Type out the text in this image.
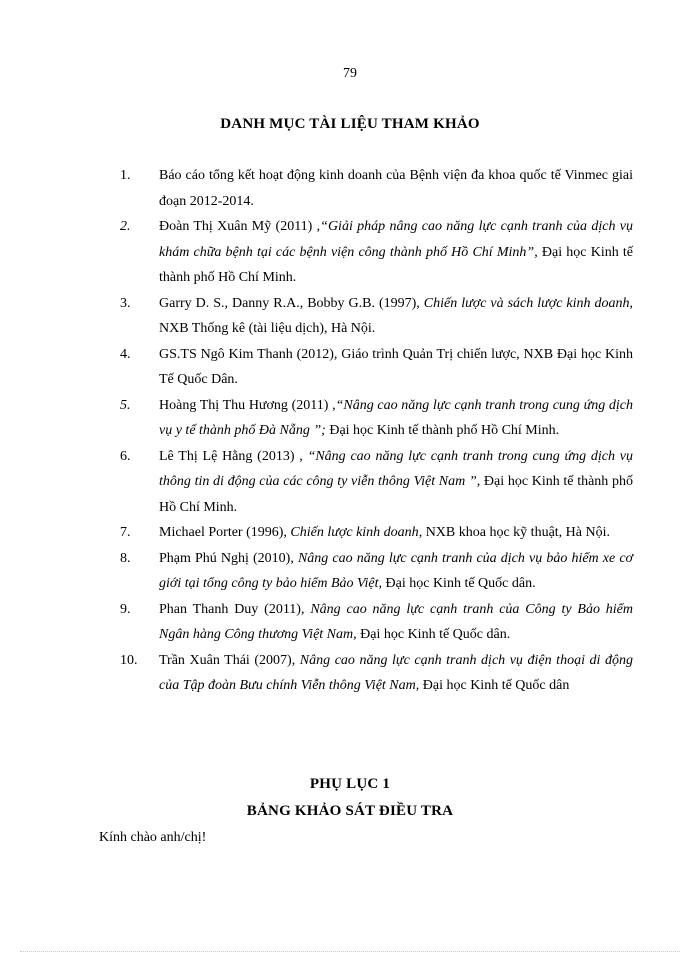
79
DANH MỤC TÀI LIỆU THAM KHẢO

1. Báo cáo tổng kết hoạt động kinh doanh của Bệnh viện đa khoa quốc tế Vinmec giai đoạn 2012-2014.

2. Đoàn Thị Xuân Mỹ (2011) ,“Giải pháp nâng cao năng lực cạnh tranh của dịch vụ khám chữa bệnh tại các bệnh viện công thành phố Hồ Chí Minh”, Đại học Kinh tế thành phố Hồ Chí Minh.

3. Garry D. S., Danny R.A., Bobby G.B. (1997), Chiến lược và sách lược kinh doanh, NXB Thống kê (tài liệu dịch), Hà Nội.

4. GS.TS Ngô Kim Thanh (2012), Giáo trình Quản Trị chiến lược, NXB Đại học Kinh Tế Quốc Dân.

5. Hoàng Thị Thu Hương (2011) ,“Nâng cao năng lực cạnh tranh trong cung ứng dịch vụ y tế thành phố Đà Nẵng ”; Đại học Kinh tế thành phố Hồ Chí Minh.

6. Lê Thị Lệ Hằng (2013) , “Nâng cao năng lực cạnh tranh trong cung ứng dịch vụ thông tin di động của các công ty viễn thông Việt Nam ”, Đại học Kinh tế thành phố Hồ Chí Minh.

7. Michael Porter (1996), Chiến lược kinh doanh, NXB khoa học kỹ thuật, Hà Nội.

8. Phạm Phú Nghị (2010), Nâng cao năng lực cạnh tranh của dịch vụ bảo hiểm xe cơ giới tại tổng công ty bảo hiểm Bảo Việt, Đại học Kinh tế Quốc dân.

9. Phan Thanh Duy (2011), Nâng cao năng lực cạnh tranh của Công ty Bảo hiểm Ngân hàng Công thương Việt Nam, Đại học Kinh tế Quốc dân.

10. Trần Xuân Thái (2007), Nâng cao năng lực cạnh tranh dịch vụ điện thoại di động của Tập đoàn Bưu chính Viễn thông Việt Nam, Đại học Kinh tế Quốc dân

PHỤ LỤC 1
BẢNG KHẢO SÁT ĐIỀU TRA
Kính chào anh/chị!
